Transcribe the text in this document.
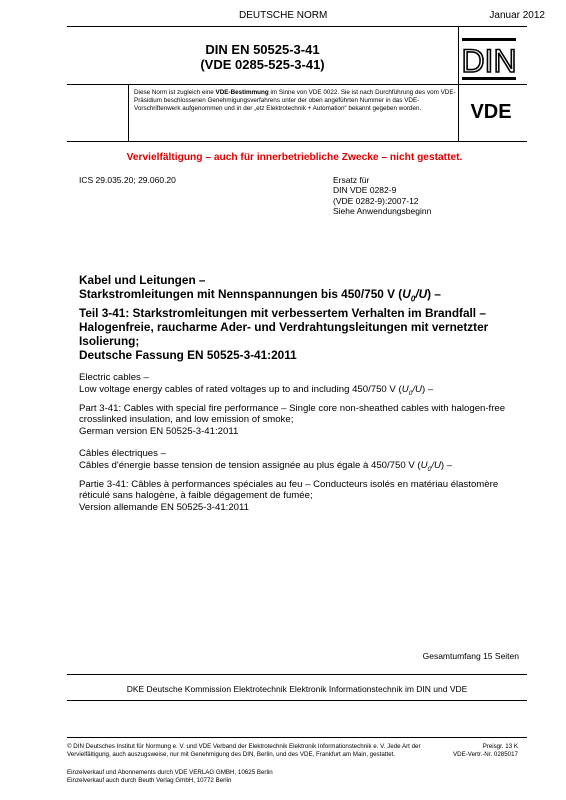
DEUTSCHE NORM	Januar 2012
DIN EN 50525-3-41
(VDE 0285-525-3-41)	DIN
Diese Norm ist zugleich eine VDE-Bestimmung im Sinne von VDE 0022. Sie ist nach Durchführung des vom VDE-Präsidium beschlossenen Genehmigungsverfahrens unter der oben angeführten Nummer in das VDE-Vorschriftenwerk aufgenommen und in der „etz Elektrotechnik + Automation“ bekannt gegeben worden.	VDE
Vervielfältigung – auch für innerbetriebliche Zwecke – nicht gestattet.
ICS 29.035.20; 29.060.20	Ersatz für
DIN VDE 0282-9
(VDE 0282-9):2007-12
Siehe Anwendungsbeginn

Kabel und Leitungen –

Starkstromleitungen mit Nennspannungen bis 450/750 V $(U_0/U)$ –

Teil 3-41: Starkstromleitungen mit verbessertem Verhalten im Brandfall – Halogenfreie, raucharme Ader- und Verdrahtungsleitungen mit vernetzter Isolierung;

Deutsche Fassung EN 50525-3-41:2011

Electric cables –

Low voltage energy cables of rated voltages up to and including 450/750 V $(U_0/U)$ –

Part 3-41: Cables with special fire performance – Single core non-sheathed cables with halogen-free crosslinked insulation, and low emission of smoke;

German version EN 50525-3-41:2011

Câbles électriques –

Câbles d'énergie basse tension de tension assignée au plus égale à 450/750 V $(U_0/U)$ –

Partie 3-41: Câbles à performances spéciales au feu – Conducteurs isolés en matériau élastomère réticulé sans halogène, à faible dégagement de fumée;

Version allemande EN 50525-3-41:2011

Gesamtumfang 15 Seiten
DKE Deutsche Kommission Elektrotechnik Elektronik Informationstechnik im DIN und VDE
© DIN Deutsches Institut für Normung e. V. und VDE Verband der Elektrotechnik Elektronik Informationstechnik e. V. Jede Art der Vervielfältigung, auch auszugsweise, nur mit Genehmigung des DIN, Berlin, und des VDE, Frankfurt am Main, gestattet.
Preisgr. 13 K
VDE-Vertr.-Nr. 0285017
Einzelverkauf und Abonnements durch VDE VERLAG GMBH, 10625 Berlin
Einzelverkauf auch durch Beuth Verlag GmbH, 10772 Berlin
